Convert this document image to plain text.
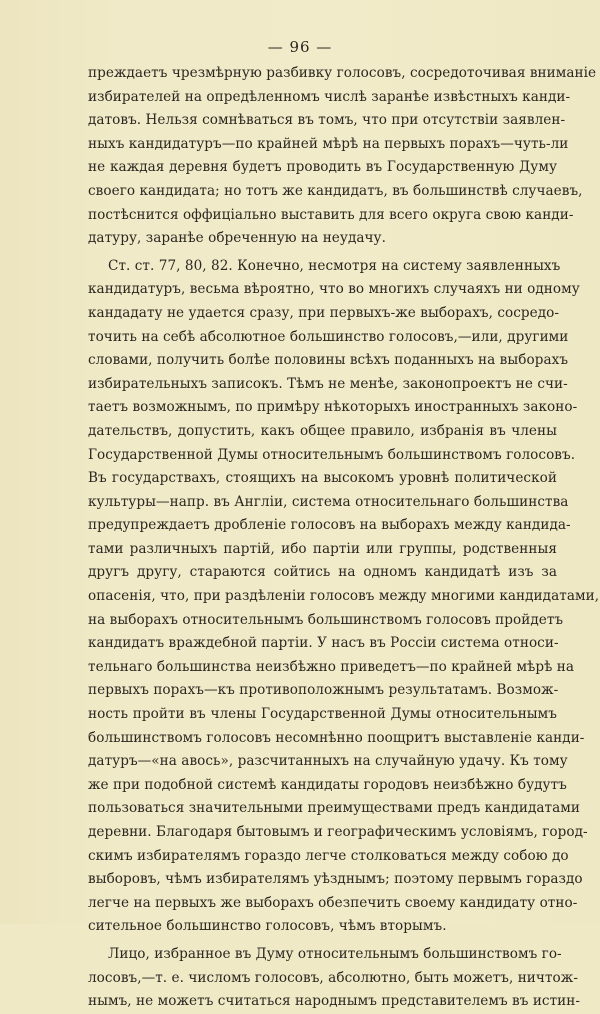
— 96 —
преждаетъ чрезмѣрную разбивку голосовъ, сосредоточивая вниманіе
избирателей на опредѣленномъ числѣ заранѣе извѣстныхъ канди-
датовъ. Нельзя сомнѣваться въ томъ, что при отсутствіи заявлен-
ныхъ кандидатуръ—по крайней мѣрѣ на первыхъ порахъ—чуть-ли
не каждая деревня будетъ проводить въ Государственную Думу
своего кандидата; но тотъ же кандидатъ, въ большинствѣ случаевъ,
постѣснится оффиціально выставить для всего округа свою канди-
датуру, заранѣе обреченную на неудачу.
Ст. ст. 77, 80, 82. Конечно, несмотря на систему заявленныхъ
кандидатуръ, весьма вѣроятно, что во многихъ случаяхъ ни одному
кандадату не удается сразу, при первыхъ-же выборахъ, сосредо-
точить на себѣ абсолютное большинство голосовъ,—или, другими
словами, получить болѣе половины всѣхъ поданныхъ на выборахъ
избирательныхъ записокъ. Тѣмъ не менѣе, законопроектъ не счи-
таетъ возможнымъ, по примѣру нѣкоторыхъ иностранныхъ законо-
дательствъ, допустить, какъ общее правило, избранія въ члены
Государственной Думы относительнымъ большинствомъ голосовъ.
Въ государствахъ, стоящихъ на высокомъ уровнѣ политической
культуры—напр. въ Англіи, система относительнаго большинства
предупреждаетъ дробленіе голосовъ на выборахъ между кандида-
тами различныхъ партій, ибо партіи или группы, родственныя
другъ другу, стараются сойтись на одномъ кандидатѣ изъ за
опасенія, что, при раздѣленіи голосовъ между многими кандидатами,
на выборахъ относительнымъ большинствомъ голосовъ пройдетъ
кандидатъ враждебной партіи. У насъ въ Россіи система относи-
тельнаго большинства неизбѣжно приведетъ—по крайней мѣрѣ на
первыхъ порахъ—къ противоположнымъ результатамъ. Возмож-
ность пройти въ члены Государственной Думы относительнымъ
большинствомъ голосовъ несомнѣнно поощритъ выставленіе канди-
датуръ—«на авось», разсчитанныхъ на случайную удачу. Къ тому
же при подобной системѣ кандидаты городовъ неизбѣжно будутъ
пользоваться значительными преимуществами предъ кандидатами
деревни. Благодаря бытовымъ и географическимъ условіямъ, город-
скимъ избирателямъ гораздо легче столковаться между собою до
выборовъ, чѣмъ избирателямъ уѣзднымъ; поэтому первымъ гораздо
легче на первыхъ же выборахъ обезпечить своему кандидату отно-
сительное большинство голосовъ, чѣмъ вторымъ.
Лицо, избранное въ Думу относительнымъ большинствомъ го-
лосовъ,—т. е. числомъ голосовъ, абсолютно, быть можетъ, ничтож-
нымъ, не можетъ считаться народнымъ представителемъ въ истин-
